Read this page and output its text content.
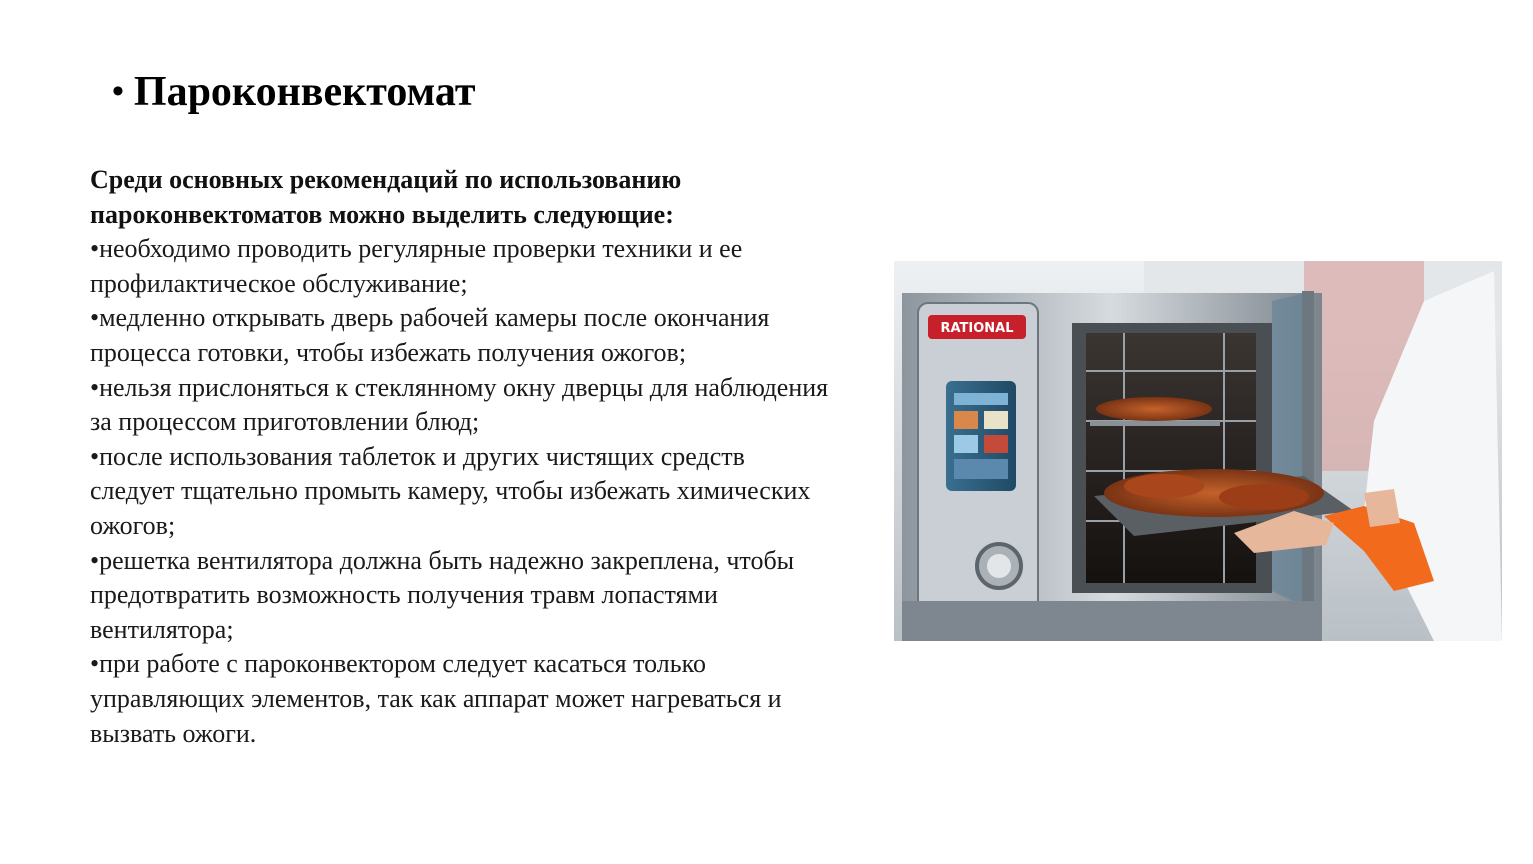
• Пароконвектомат

Среди основных рекомендаций по использованию пароконвектоматов можно выделить следующие:

•необходимо проводить регулярные проверки техники и ее профилактическое обслуживание;

•медленно открывать дверь рабочей камеры после окончания процесса готовки, чтобы избежать получения ожогов;

•нельзя прислоняться к стеклянному окну дверцы для наблюдения за процессом приготовлении блюд;

•после использования таблеток и других чистящих средств следует тщательно промыть камеру, чтобы избежать химических ожогов;

•решетка вентилятора должна быть надежно закреплена, чтобы предотвратить возможность получения травм лопастями вентилятора;

•при работе с пароконвектором следует касаться только управляющих элементов, так как аппарат может нагреваться и вызвать ожоги.

RATIONAL
